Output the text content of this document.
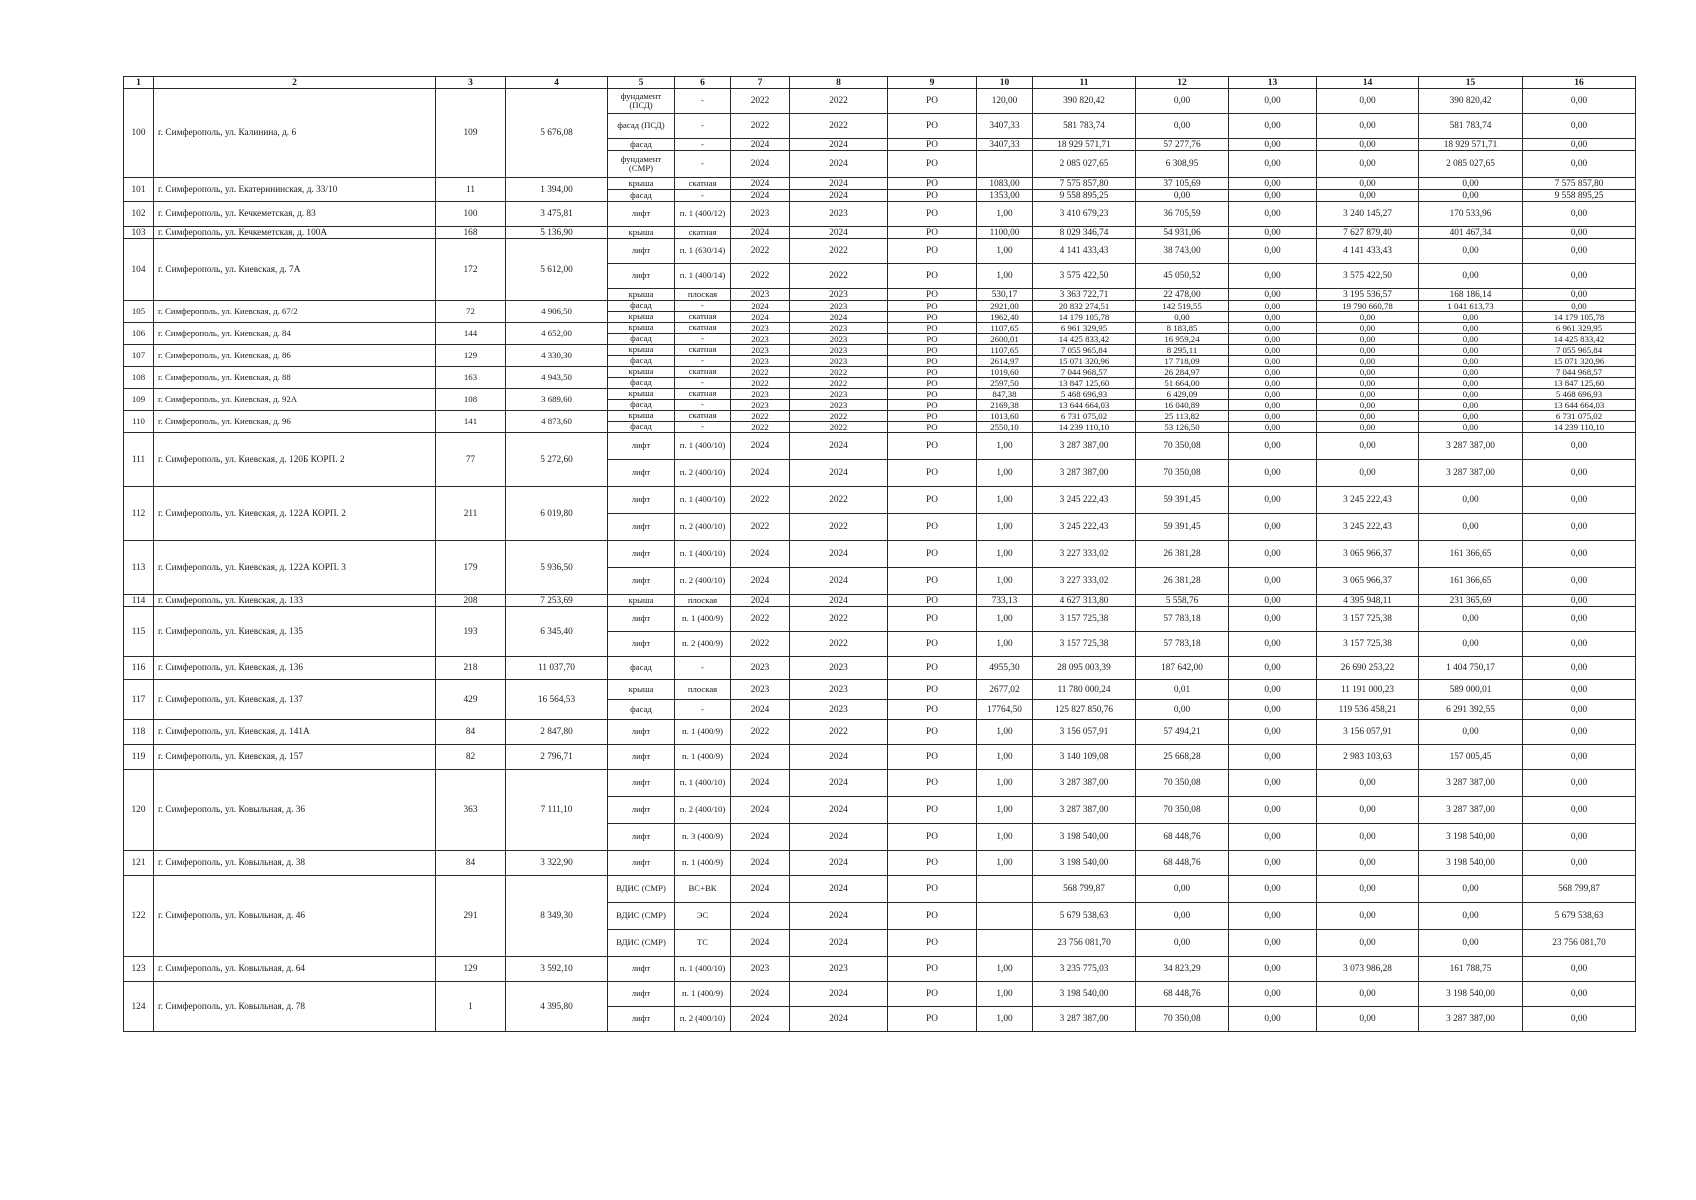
1	2	3	4	5	6	7	8	9	10	11	12	13	14	15	16
100	г. Симферополь, ул. Калинина, д. 6	109	5 676,08	фундамент (ПСД)	-	2022	2022	РО	120,00	390 820,42	0,00	0,00	0,00	390 820,42	0,00
				фасад (ПСД)	-	2022	2022	РО	3407,33	581 783,74	0,00	0,00	0,00	581 783,74	0,00
				фасад	-	2024	2024	РО	3407,33	18 929 571,71	57 277,76	0,00	0,00	18 929 571,71	0,00
				фундамент (СМР)	-	2024	2024	РО		2 085 027,65	6 308,95	0,00	0,00	2 085 027,65	0,00
101	г. Симферополь, ул. Екатерининская, д. 33/10	11	1 394,00	крыша	скатная	2024	2024	РО	1083,00	7 575 857,80	37 105,69	0,00	0,00	0,00	7 575 857,80
				фасад	-	2024	2024	РО	1353,00	9 558 895,25	0,00	0,00	0,00	0,00	9 558 895,25
102	г. Симферополь, ул. Кечкеметская, д. 83	100	3 475,81	лифт	п. 1 (400/12)	2023	2023	РО	1,00	3 410 679,23	36 705,59	0,00	3 240 145,27	170 533,96	0,00
103	г. Симферополь, ул. Кечкеметская, д. 100А	168	5 136,90	крыша	скатная	2024	2024	РО	1100,00	8 029 346,74	54 931,06	0,00	7 627 879,40	401 467,34	0,00
104	г. Симферополь, ул. Киевская, д. 7А	172	5 612,00	лифт	п. 1 (630/14)	2022	2022	РО	1,00	4 141 433,43	38 743,00	0,00	4 141 433,43	0,00	0,00
				лифт	п. 1 (400/14)	2022	2022	РО	1,00	3 575 422,50	45 050,52	0,00	3 575 422,50	0,00	0,00
				крыша	плоская	2023	2023	РО	530,17	3 363 722,71	22 478,00	0,00	3 195 536,57	168 186,14	0,00
105	г. Симферополь, ул. Киевская, д. 67/2	72	4 906,50	фасад	-	2024	2023	РО	2921,00	20 832 274,51	142 519,55	0,00	19 790 660,78	1 041 613,73	0,00
				крыша	скатная	2024	2024	РО	1962,40	14 179 105,78	0,00	0,00	0,00	0,00	14 179 105,78
106	г. Симферополь, ул. Киевская, д. 84	144	4 652,00	крыша	скатная	2023	2023	РО	1107,65	6 961 329,95	8 183,85	0,00	0,00	0,00	6 961 329,95
				фасад	-	2023	2023	РО	2600,01	14 425 833,42	16 959,24	0,00	0,00	0,00	14 425 833,42
107	г. Симферополь, ул. Киевская, д. 86	129	4 330,30	крыша	скатная	2023	2023	РО	1107,65	7 055 965,84	8 295,11	0,00	0,00	0,00	7 055 965,84
				фасад	-	2023	2023	РО	2614,97	15 071 320,96	17 718,09	0,00	0,00	0,00	15 071 320,96
108	г. Симферополь, ул. Киевская, д. 88	163	4 943,50	крыша	скатная	2022	2022	РО	1019,60	7 044 968,57	26 284,97	0,00	0,00	0,00	7 044 968,57
				фасад	-	2022	2022	РО	2597,50	13 847 125,60	51 664,00	0,00	0,00	0,00	13 847 125,60
109	г. Симферополь, ул. Киевская, д. 92А	108	3 689,60	крыша	скатная	2023	2023	РО	847,38	5 468 696,93	6 429,09	0,00	0,00	0,00	5 468 696,93
				фасад	-	2023	2023	РО	2169,38	13 644 664,03	16 040,89	0,00	0,00	0,00	13 644 664,03
110	г. Симферополь, ул. Киевская, д. 96	141	4 873,60	крыша	скатная	2022	2022	РО	1013,60	6 731 075,02	25 113,82	0,00	0,00	0,00	6 731 075,02
				фасад	-	2022	2022	РО	2550,10	14 239 110,10	53 126,50	0,00	0,00	0,00	14 239 110,10
111	г. Симферополь, ул. Киевская, д. 120Б КОРП. 2	77	5 272,60	лифт	п. 1 (400/10)	2024	2024	РО	1,00	3 287 387,00	70 350,08	0,00	0,00	3 287 387,00	0,00
				лифт	п. 2 (400/10)	2024	2024	РО	1,00	3 287 387,00	70 350,08	0,00	0,00	3 287 387,00	0,00
112	г. Симферополь, ул. Киевская, д. 122А КОРП. 2	211	6 019,80	лифт	п. 1 (400/10)	2022	2022	РО	1,00	3 245 222,43	59 391,45	0,00	3 245 222,43	0,00	0,00
				лифт	п. 2 (400/10)	2022	2022	РО	1,00	3 245 222,43	59 391,45	0,00	3 245 222,43	0,00	0,00
113	г. Симферополь, ул. Киевская, д. 122А КОРП. 3	179	5 936,50	лифт	п. 1 (400/10)	2024	2024	РО	1,00	3 227 333,02	26 381,28	0,00	3 065 966,37	161 366,65	0,00
				лифт	п. 2 (400/10)	2024	2024	РО	1,00	3 227 333,02	26 381,28	0,00	3 065 966,37	161 366,65	0,00
114	г. Симферополь, ул. Киевская, д. 133	208	7 253,69	крыша	плоская	2024	2024	РО	733,13	4 627 313,80	5 558,76	0,00	4 395 948,11	231 365,69	0,00
115	г. Симферополь, ул. Киевская, д. 135	193	6 345,40	лифт	п. 1 (400/9)	2022	2022	РО	1,00	3 157 725,38	57 783,18	0,00	3 157 725,38	0,00	0,00
				лифт	п. 2 (400/9)	2022	2022	РО	1,00	3 157 725,38	57 783,18	0,00	3 157 725,38	0,00	0,00
116	г. Симферополь, ул. Киевская, д. 136	218	11 037,70	фасад	-	2023	2023	РО	4955,30	28 095 003,39	187 642,00	0,00	26 690 253,22	1 404 750,17	0,00
117	г. Симферополь, ул. Киевская, д. 137	429	16 564,53	крыша	плоская	2023	2023	РО	2677,02	11 780 000,24	0,01	0,00	11 191 000,23	589 000,01	0,00
				фасад	-	2024	2023	РО	17764,50	125 827 850,76	0,00	0,00	119 536 458,21	6 291 392,55	0,00
118	г. Симферополь, ул. Киевская, д. 141А	84	2 847,80	лифт	п. 1 (400/9)	2022	2022	РО	1,00	3 156 057,91	57 494,21	0,00	3 156 057,91	0,00	0,00
119	г. Симферополь, ул. Киевская, д. 157	82	2 796,71	лифт	п. 1 (400/9)	2024	2024	РО	1,00	3 140 109,08	25 668,28	0,00	2 983 103,63	157 005,45	0,00
120	г. Симферополь, ул. Ковыльная, д. 36	363	7 111,10	лифт	п. 1 (400/10)	2024	2024	РО	1,00	3 287 387,00	70 350,08	0,00	0,00	3 287 387,00	0,00
				лифт	п. 2 (400/10)	2024	2024	РО	1,00	3 287 387,00	70 350,08	0,00	0,00	3 287 387,00	0,00
				лифт	п. 3 (400/9)	2024	2024	РО	1,00	3 198 540,00	68 448,76	0,00	0,00	3 198 540,00	0,00
121	г. Симферополь, ул. Ковыльная, д. 38	84	3 322,90	лифт	п. 1 (400/9)	2024	2024	РО	1,00	3 198 540,00	68 448,76	0,00	0,00	3 198 540,00	0,00
122	г. Симферополь, ул. Ковыльная, д. 46	291	8 349,30	ВДИС (СМР)	ВС+ВК	2024	2024	РО		568 799,87	0,00	0,00	0,00	0,00	568 799,87
				ВДИС (СМР)	ЭС	2024	2024	РО		5 679 538,63	0,00	0,00	0,00	0,00	5 679 538,63
				ВДИС (СМР)	ТС	2024	2024	РО		23 756 081,70	0,00	0,00	0,00	0,00	23 756 081,70
123	г. Симферополь, ул. Ковыльная, д. 64	129	3 592,10	лифт	п. 1 (400/10)	2023	2023	РО	1,00	3 235 775,03	34 823,29	0,00	3 073 986,28	161 788,75	0,00
124	г. Симферополь, ул. Ковыльная, д. 78	1	4 395,80	лифт	п. 1 (400/9)	2024	2024	РО	1,00	3 198 540,00	68 448,76	0,00	0,00	3 198 540,00	0,00
				лифт	п. 2 (400/10)	2024	2024	РО	1,00	3 287 387,00	70 350,08	0,00	0,00	3 287 387,00	0,00
